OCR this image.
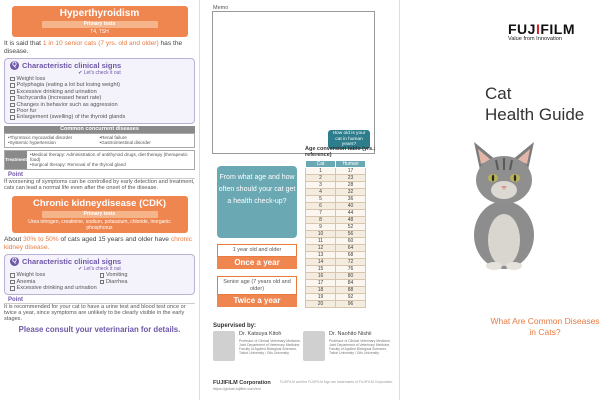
Hyperthyroidism
Primary tests
T4, TSH
It is said that 1 in 10 senior cats (7 yrs. old and older) has the disease.
Q Characteristic clinical signs
✔ Let's check it out
Weight loss
Polyphagia (eating a lot but losing weight)
Excessive drinking and urination
Tachycardia (increased heart rate)
Changes in behavior such as aggression
Poor fur
Enlargement (swelling) of the thyroid glands
Common concurrent diseases
•Thyrotoxic myocardial disorder	•Renal failure
•Systemic hypertension	•Gastrointestinal disorder
Treatment
•Medical therapy: Administration of antithyroid drugs, diet therapy (therapeutic food)
•Surgical therapy: Removal of the thyroid gland
Point
If worsening of symptoms can be controlled by early detection and treatment, cats can lead a normal life even after the onset of the disease.
Chronic kidneydisease (CDK)
Primary tests
Urea nitrogen, creatinine, sodium, potassium, chloride, inorganic phosphorus
About 30% to 50% of cats aged 15 years and older have chronic kidney disease.
Q Characteristic clinical signs
✔ Let's check it out
Weight loss	Vomiting
Anemia	Diarrhea
Excessive drinking and urination
Point
It is recommended for your cat to have a urine test and blood test once or twice a year, since symptoms are unlikely to be clearly visible in the early stages.
Please consult your veterinarian for details.
Memo
How old is your cat in human years?
Age conversion table (yrs.; reference)
From what age and how often should your cat get a health check-up?
1 year old and older
Once a year
Senior age (7 years old and older)
Twice a year
Cat	Human
1	17
2	23
3	28
4	32
5	36
6	40
7	44
8	48
9	52
10	56
11	60
12	64
13	68
14	72
15	76
16	80
17	84
18	88
19	92
20	96
Supervised by:
Dr. Katsuya Kitoh
Professor of Clinical Veterinary Medicine, Joint Department of Veterinary Medicine, Faculty of Applied Biological Sciences, Tottori University / Gifu University
Dr. Naohito Nishii
Professor of Clinical Veterinary Medicine, Joint Department of Veterinary Medicine, Faculty of Applied Biological Sciences, Tottori University / Gifu University
FUJIFILM Corporation
https://global.fujifilm.com/en/
FUJIFILM and the FUJIFILM logo are trademarks of FUJIFILM Corporation.
FUJIFILM
Value from Innovation
Cat
Health Guide
What Are Common Diseases in Cats?
